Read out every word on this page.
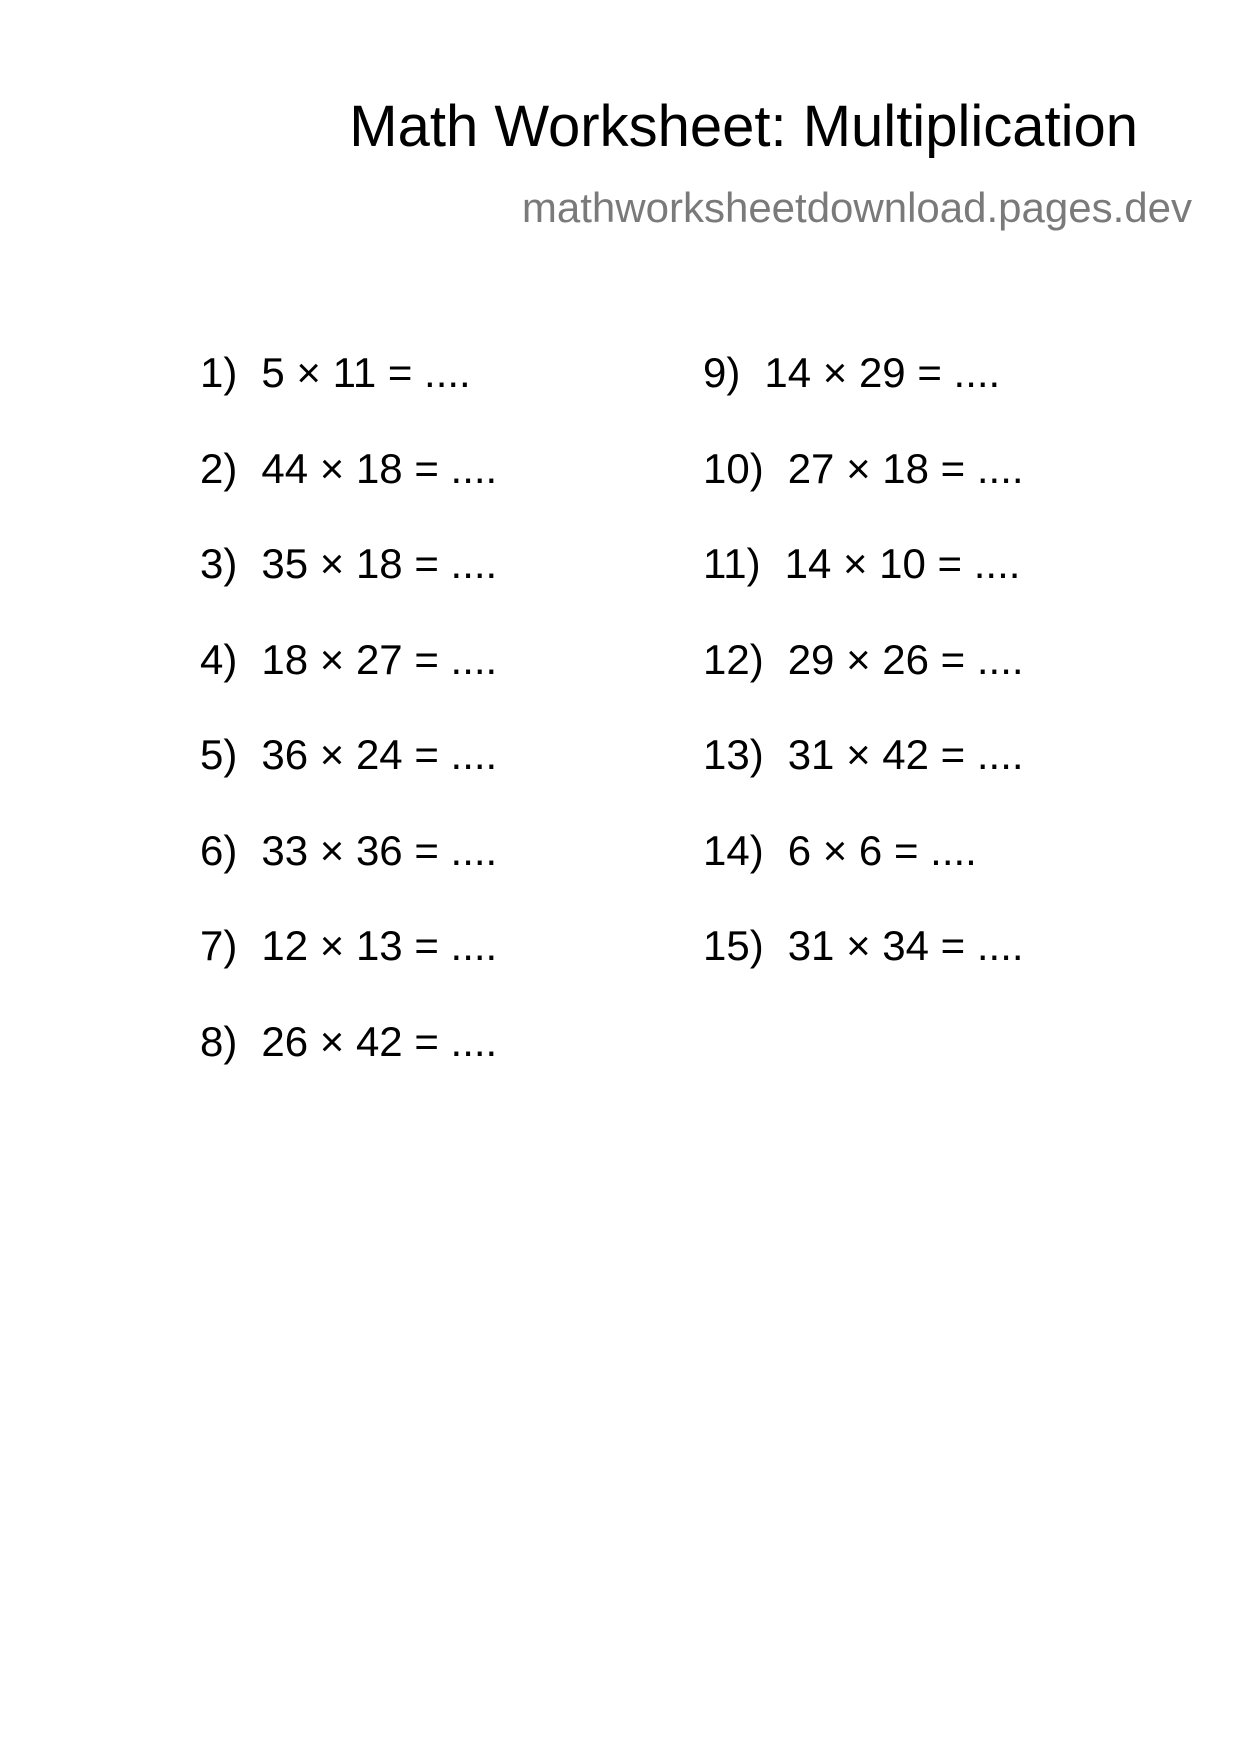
Math Worksheet: Multiplication
mathworksheetdownload.pages.dev
1) 5 × 11 = ....
2) 44 × 18 = ....
3) 35 × 18 = ....
4) 18 × 27 = ....
5) 36 × 24 = ....
6) 33 × 36 = ....
7) 12 × 13 = ....
8) 26 × 42 = ....
9) 14 × 29 = ....
10) 27 × 18 = ....
11) 14 × 10 = ....
12) 29 × 26 = ....
13) 31 × 42 = ....
14) 6 × 6 = ....
15) 31 × 34 = ....
